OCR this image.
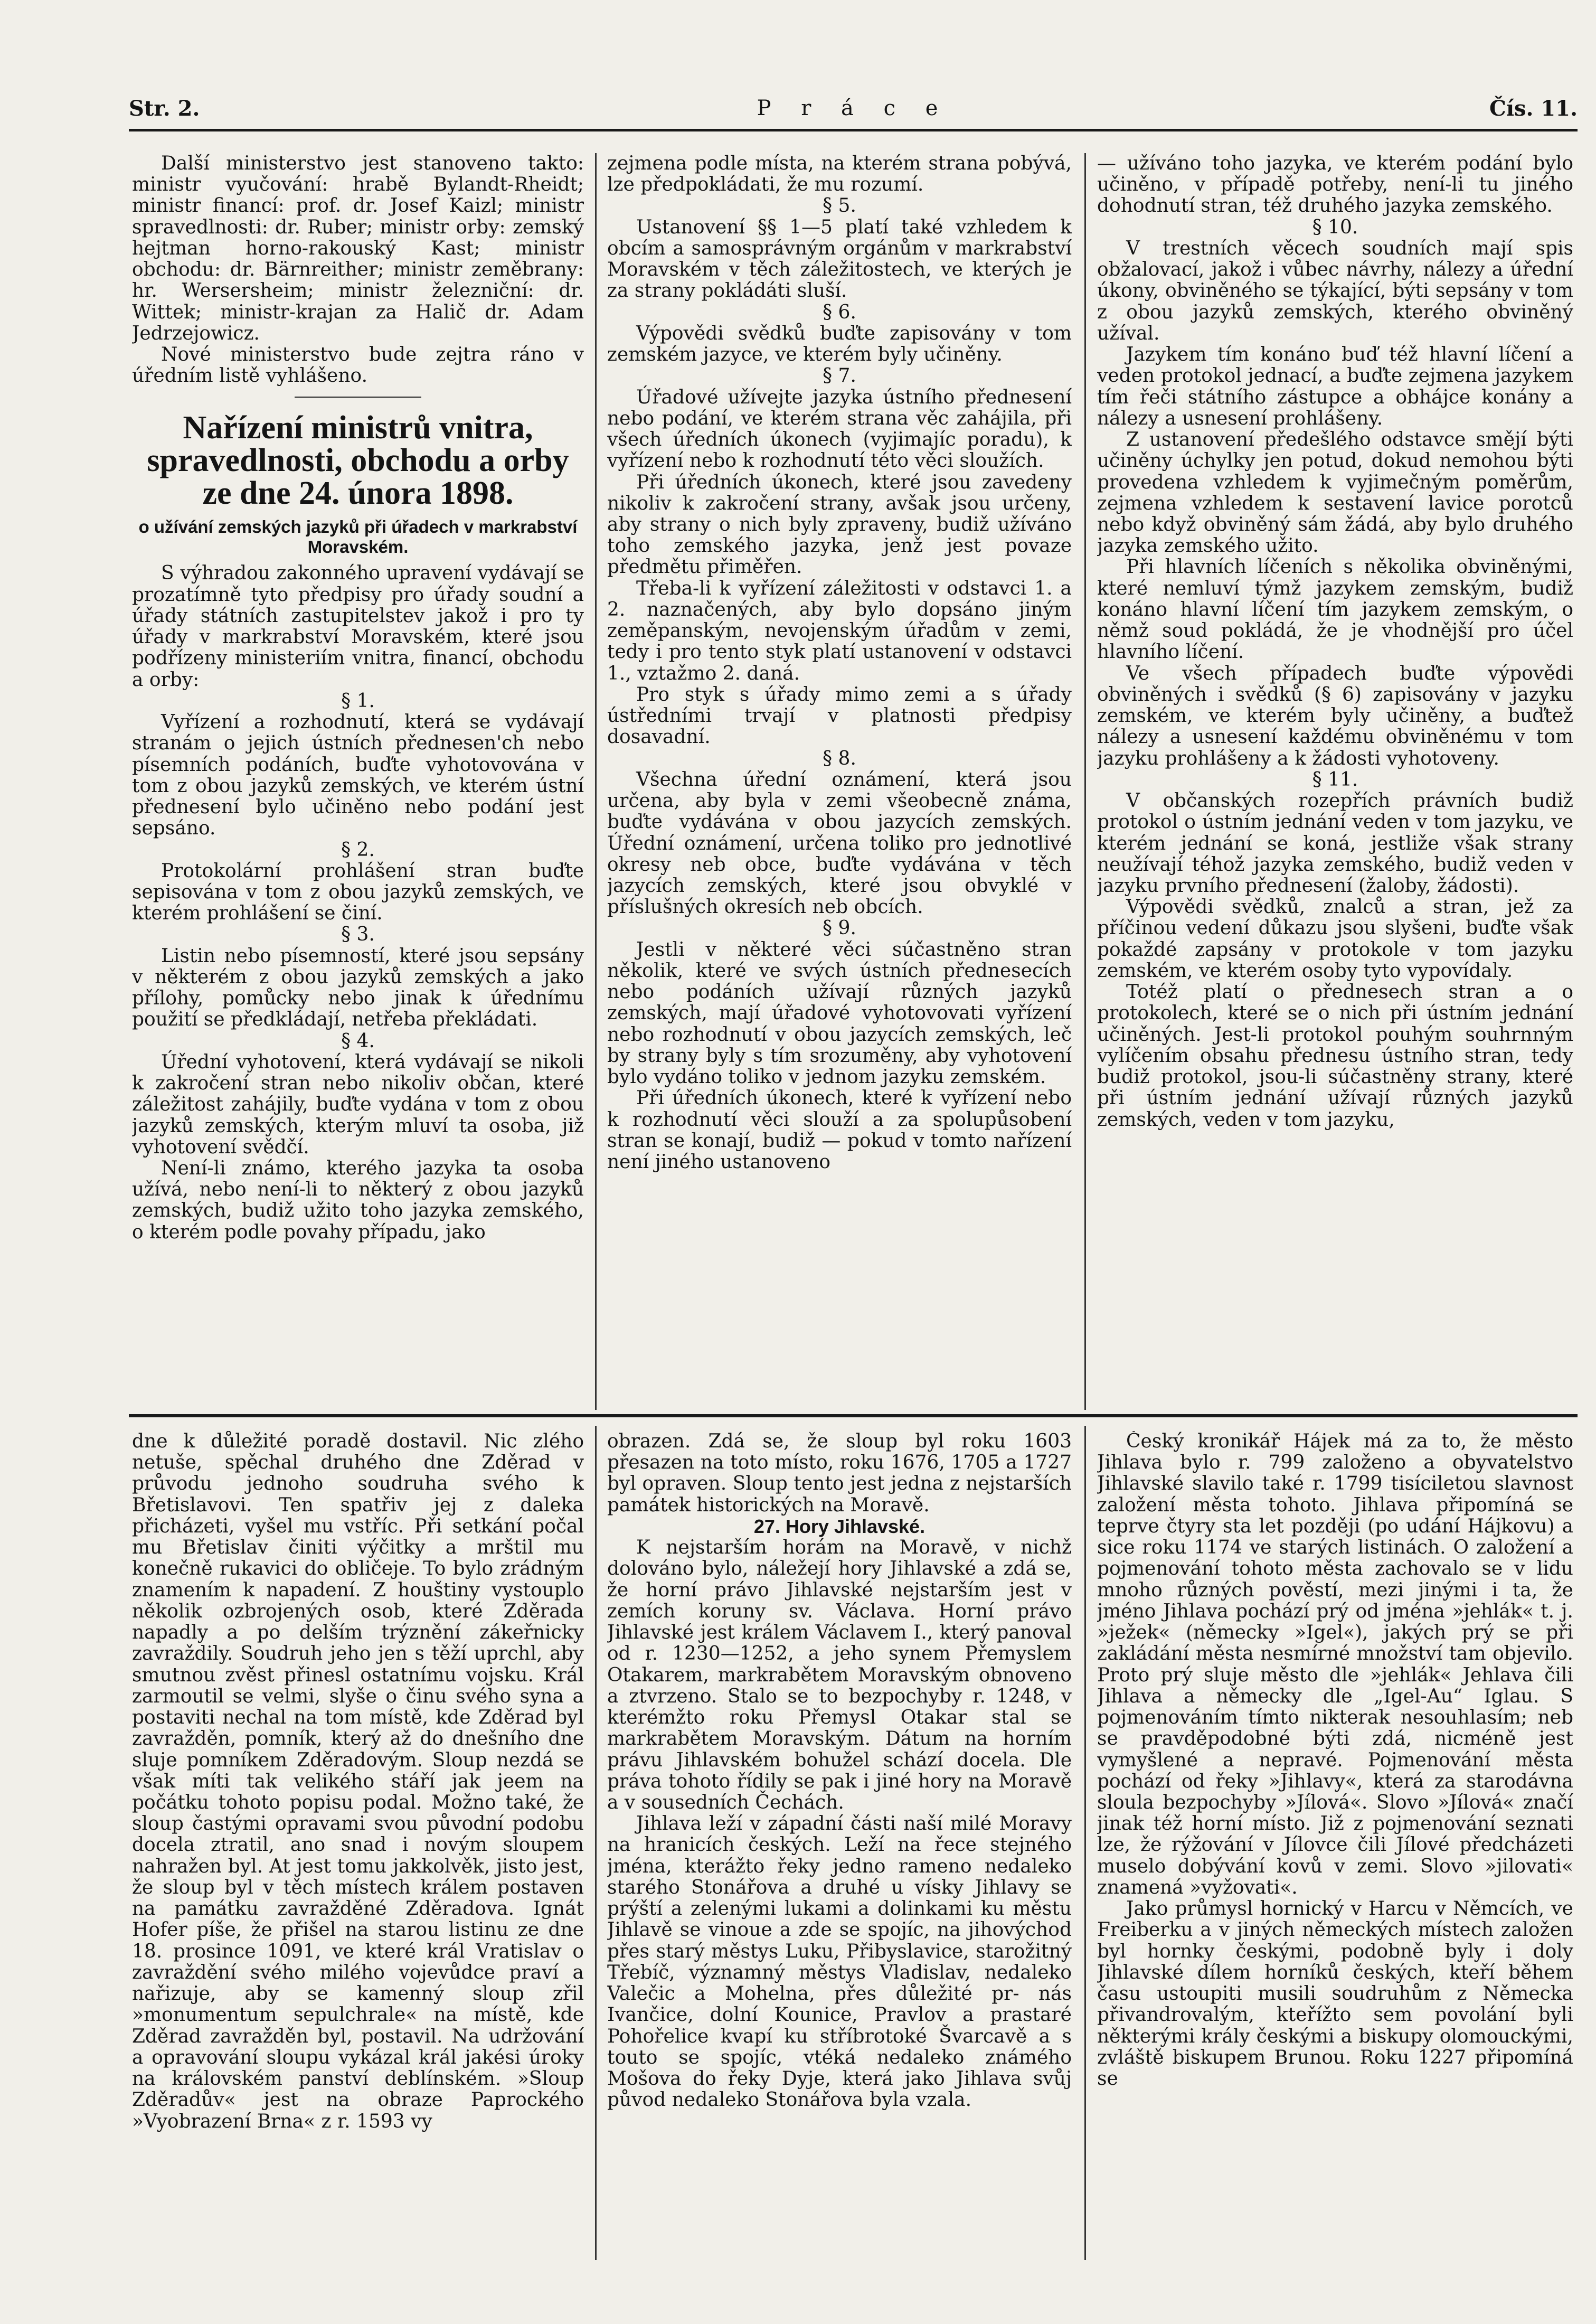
Str. 2.	P r á c e	Čís. 11.

Další ministerstvo jest stanoveno takto: ministr vyučování: hrabě Bylandt-Rheidt; ministr financí: prof. dr. Josef Kaizl; ministr spravedlnosti: dr. Ruber; ministr orby: zemský hejtman horno-rakouský Kast; ministr obchodu: dr. Bärnreither; ministr zeměbrany: hr. Wersersheim; ministr železniční: dr. Wittek; ministr-krajan za Halič dr. Adam Jedrzejowicz.

Nové ministerstvo bude zejtra ráno v úředním listě vyhlášeno.

Nařízení ministrů vnitra, spravedlnosti, obchodu a orby ze dne 24. února 1898.
o užívání zemských jazyků při úřadech v markrabství Moravském.

S výhradou zakonného upravení vydávají se prozatímně tyto předpisy pro úřady soudní a úřady státních zastupitelstev jakož i pro ty úřady v markrabství Moravském, které jsou podřízeny ministeriím vnitra, financí, obchodu a orby:

§ 1.

Vyřízení a rozhodnutí, která se vydávají stranám o jejich ústních přednesen'ch nebo písemních podáních, buďte vyhotovována v tom z obou jazyků zemských, ve kterém ústní přednesení bylo učiněno nebo podání jest sepsáno.

§ 2.

Protokolární prohlášení stran buďte sepisována v tom z obou jazyků zemských, ve kterém prohlášení se činí.

§ 3.

Listin nebo písemností, které jsou sepsány v některém z obou jazyků zemských a jako přílohy, pomůcky nebo jinak k úřednímu použití se předkládají, netřeba překládati.

§ 4.

Úřední vyhotovení, která vydávají se nikoli k zakročení stran nebo nikoliv občan, které záležitost zahájily, buďte vydána v tom z obou jazyků zemských, kterým mluví ta osoba, již vyhotovení svědčí.

Není-li známo, kterého jazyka ta osoba užívá, nebo není-li to některý z obou jazyků zemských, budiž užito toho jazyka zemského, o kterém podle povahy případu, jako

zejmena podle místa, na kterém strana pobývá, lze předpokládati, že mu rozumí.

§ 5.

Ustanovení §§ 1—5 platí také vzhledem k obcím a samosprávným orgánům v markrabství Moravském v těch záležitostech, ve kterých je za strany pokládáti sluší.

§ 6.

Výpovědi svědků buďte zapisovány v tom zemském jazyce, ve kterém byly učiněny.

§ 7.

Úřadové užívejte jazyka ústního přednesení nebo podání, ve kterém strana věc zahájila, při všech úředních úkonech (vyjimajíc poradu), k vyřízení nebo k rozhodnutí této věci sloužích.

Při úředních úkonech, které jsou zavedeny nikoliv k zakročení strany, avšak jsou určeny, aby strany o nich byly zpraveny, budiž užíváno toho zemského jazyka, jenž jest povaze předmětu přiměřen.

Třeba-li k vyřízení záležitosti v odstavci 1. a 2. naznačených, aby bylo dopsáno jiným zeměpanským, nevojenským úřadům v zemi, tedy i pro tento styk platí ustanovení v odstavci 1., vztažmo 2. daná.

Pro styk s úřady mimo zemi a s úřady ústředními trvají v platnosti předpisy dosavadní.

§ 8.

Všechna úřední oznámení, která jsou určena, aby byla v zemi všeobecně známa, buďte vydávána v obou jazycích zemských. Úřední oznámení, určena toliko pro jednotlivé okresy neb obce, buďte vydávána v těch jazycích zemských, které jsou obvyklé v příslušných okresích neb obcích.

§ 9.

Jestli v některé věci súčastněno stran několik, které ve svých ústních přednesecích nebo podáních užívají různých jazyků zemských, mají úřadové vyhotovovati vyřízení nebo rozhodnutí v obou jazycích zemských, leč by strany byly s tím srozuměny, aby vyhotovení bylo vydáno toliko v jednom jazyku zemském.

Při úředních úkonech, které k vyřízení nebo k rozhodnutí věci slouží a za spolupůsobení stran se konají, budiž — pokud v tomto nařízení není jiného ustanoveno

— užíváno toho jazyka, ve kterém podání bylo učiněno, v případě potřeby, není-li tu jiného dohodnutí stran, též druhého jazyka zemského.

§ 10.

V trestních věcech soudních mají spis obžalovací, jakož i vůbec návrhy, nálezy a úřední úkony, obviněného se týkající, býti sepsány v tom z obou jazyků zemských, kterého obviněný užíval.

Jazykem tím konáno buď též hlavní líčení a veden protokol jednací, a buďte zejmena jazykem tím řeči státního zástupce a obhájce konány a nálezy a usnesení prohlášeny.

Z ustanovení předešlého odstavce smějí býti učiněny úchylky jen potud, dokud nemohou býti provedena vzhledem k vyjimečným poměrům, zejmena vzhledem k sestavení lavice porotců nebo když obviněný sám žádá, aby bylo druhého jazyka zemského užito.

Při hlavních líčeních s několika obviněnými, které nemluví týmž jazykem zemským, budiž konáno hlavní líčení tím jazykem zemským, o němž soud pokládá, že je vhodnější pro účel hlavního líčení.

Ve všech případech buďte výpovědi obviněných i svědků (§ 6) zapisovány v jazyku zemském, ve kterém byly učiněny, a buďtež nálezy a usnesení každému obviněnému v tom jazyku prohlášeny a k žádosti vyhotoveny.

§ 11.

V občanských rozepřích právních budiž protokol o ústním jednání veden v tom jazyku, ve kterém jednání se koná, jestliže však strany neužívají téhož jazyka zemského, budiž veden v jazyku prvního přednesení (žaloby, žádosti).

Výpovědi svědků, znalců a stran, jež za příčinou vedení důkazu jsou slyšeni, buďte však pokaždé zapsány v protokole v tom jazyku zemském, ve kterém osoby tyto vypovídaly.

Totéž platí o přednesech stran a o protokolech, které se o nich při ústním jednání učiněných. Jest-li protokol pouhým souhrnným vylíčením obsahu přednesu ústního stran, tedy budiž protokol, jsou-li súčastněny strany, které při ústním jednání užívají různých jazyků zemských, veden v tom jazyku,

dne k důležité poradě dostavil. Nic zlého netuše, spěchal druhého dne Zděrad v průvodu jednoho soudruha svého k Břetislavovi. Ten spatřiv jej z daleka přicházeti, vyšel mu vstříc. Při setkání počal mu Břetislav činiti výčitky a mrštil mu konečně rukavici do obličeje. To bylo zrádným znamením k napadení. Z houštiny vystouplo několik ozbrojených osob, které Zděrada napadly a po delším trýznění zákeřnicky zavraždily. Soudruh jeho jen s těží uprchl, aby smutnou zvěst přinesl ostatnímu vojsku. Král zarmoutil se velmi, slyše o činu svého syna a postaviti nechal na tom místě, kde Zděrad byl zavražděn, pomník, který až do dnešního dne sluje pomníkem Zděradovým. Sloup nezdá se však míti tak velikého stáří jak jeem na počátku tohoto popisu podal. Možno také, že sloup častými opravami svou původní podobu docela ztratil, ano snad i novým sloupem nahražen byl. At jest tomu jakkolvěk, jisto jest, že sloup byl v těch místech králem postaven na památku zavražděné Zděradova. Ignát Hofer píše, že přišel na starou listinu ze dne 18. prosince 1091, ve které král Vratislav o zavraždění svého milého vojevůdce praví a nařizuje, aby se kamenný sloup zřil »monumentum sepulchrale« na místě, kde Zděrad zavražděn byl, postavil. Na udržování a opravování sloupu vykázal král jakési úroky na královském panství deblínském. »Sloup Zděradův« jest na obraze Paprockého »Vyobrazení Brna« z r. 1593 vy

obrazen. Zdá se, že sloup byl roku 1603 přesazen na toto místo, roku 1676, 1705 a 1727 byl opraven. Sloup tento jest jedna z nejstarších památek historických na Moravě.

27. Hory Jihlavské.

K nejstarším horám na Moravě, v nichž dolováno bylo, náležejí hory Jihlavské a zdá se, že horní právo Jihlavské nejstarším jest v zemích koruny sv. Václava. Horní právo Jihlavské jest králem Václavem I., který panoval od r. 1230—1252, a jeho synem Přemyslem Otakarem, markrabětem Moravským obnoveno a ztvrzeno. Stalo se to bezpochyby r. 1248, v kterémžto roku Přemysl Otakar stal se markrabětem Moravským. Dátum na horním právu Jihlavském bohužel schází docela. Dle práva tohoto řídily se pak i jiné hory na Moravě a v sousedních Čechách.

Jihlava leží v západní části naší milé Moravy na hranicích českých. Leží na řece stejného jména, kterážto řeky jedno rameno nedaleko starého Stonářova a druhé u vísky Jihlavy se prýští a zelenými lukami a dolinkami ku městu Jihlavě se vinoue a zde se spojíc, na jihovýchod přes starý městys Luku, Přibyslavice, starožitný Třebíč, významný městys Vladislav, nedaleko Valečic a Mohelna, přes důležité pr- nás Ivančice, dolní Kounice, Pravlov a prastaré Pohořelice kvapí ku stříbrotoké Švarcavě a s touto se spojíc, vtéká nedaleko známého Mošova do řeky Dyje, která jako Jihlava svůj původ nedaleko Stonářova byla vzala.

Český kronikář Hájek má za to, že město Jihlava bylo r. 799 založeno a obyvatelstvo Jihlavské slavilo také r. 1799 tisíciletou slavnost založení města tohoto. Jihlava připomíná se teprve čtyry sta let později (po udání Hájkovu) a sice roku 1174 ve starých listinách. O založení a pojmenování tohoto města zachovalo se v lidu mnoho různých pověstí, mezi jinými i ta, že jméno Jihlava pochází prý od jména »jehlák« t. j. »ježek« (německy »Igel«), jakých prý se při zakládání města nesmírné množství tam objevilo. Proto prý sluje město dle »jehlák« Jehlava čili Jihlava a německy dle „Igel-Au“ Iglau. S pojmenováním tímto nikterak nesouhlasím; neb se pravděpodobné býti zdá, nicméně jest vymyšlené a nepravé. Pojmenování města pochází od řeky »Jihlavy«, která za starodávna sloula bezpochyby »Jílová«. Slovo »Jílová« značí jinak též horní místo. Již z pojmenování seznati lze, že rýžování v Jílovce čili Jílové předcházeti muselo dobývání kovů v zemi. Slovo »jilovati« znamená »vyžovati«.

Jako průmysl hornický v Harcu v Němcích, ve Freiberku a v jiných německých místech založen byl hornky českými, podobně byly i doly Jihlavské dílem horníků českých, kteří během času ustoupiti musili soudruhům z Německa přivandrovalým, kteřížto sem povolání byli některými krály českými a biskupy olomouckými, zvláště biskupem Brunou. Roku 1227 připomíná se
